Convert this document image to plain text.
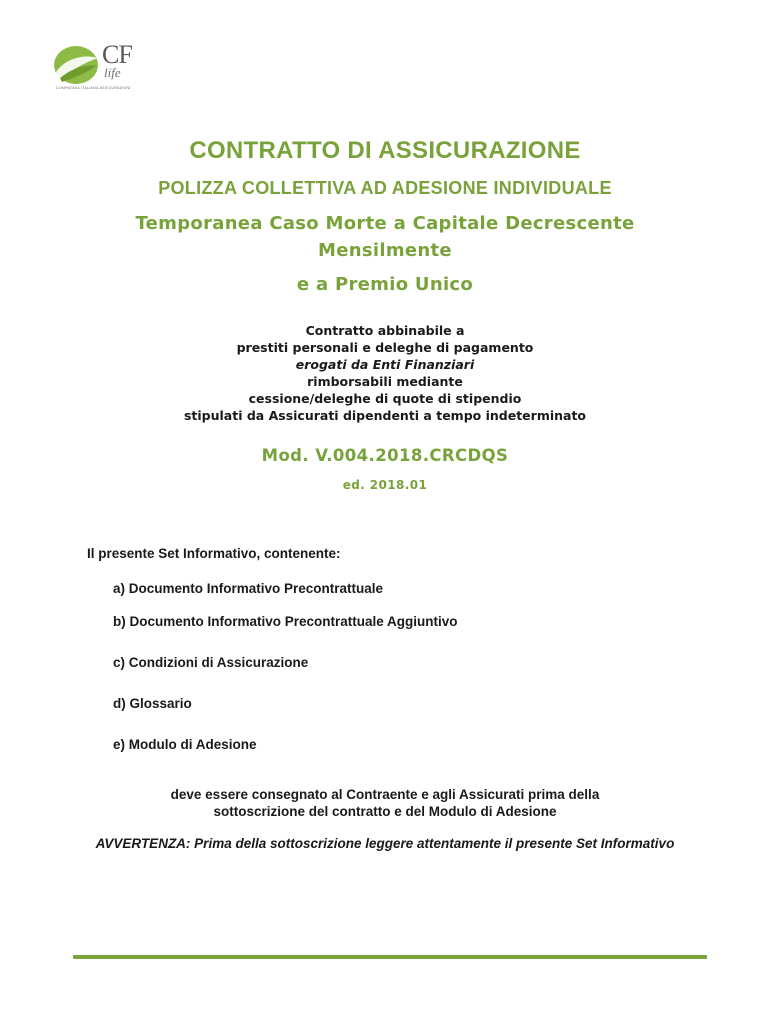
CF
life
COMPAGNIA ITALIANA ASSICURAZIONI
CONTRATTO DI ASSICURAZIONE
POLIZZA COLLETTIVA AD ADESIONE INDIVIDUALE
Temporanea Caso Morte a Capitale Decrescente
Mensilmente
e a Premio Unico
Contratto abbinabile a
prestiti personali e deleghe di pagamento
erogati da Enti Finanziari
rimborsabili mediante
cessione/deleghe di quote di stipendio
stipulati da Assicurati dipendenti a tempo indeterminato
Mod. V.004.2018.CRCDQS
ed. 2018.01
Il presente Set Informativo, contenente:
a) Documento Informativo Precontrattuale
b) Documento Informativo Precontrattuale Aggiuntivo
c) Condizioni di Assicurazione
d) Glossario
e) Modulo di Adesione
deve essere consegnato al Contraente e agli Assicurati prima della
sottoscrizione del contratto e del Modulo di Adesione
AVVERTENZA: Prima della sottoscrizione leggere attentamente il presente Set Informativo
